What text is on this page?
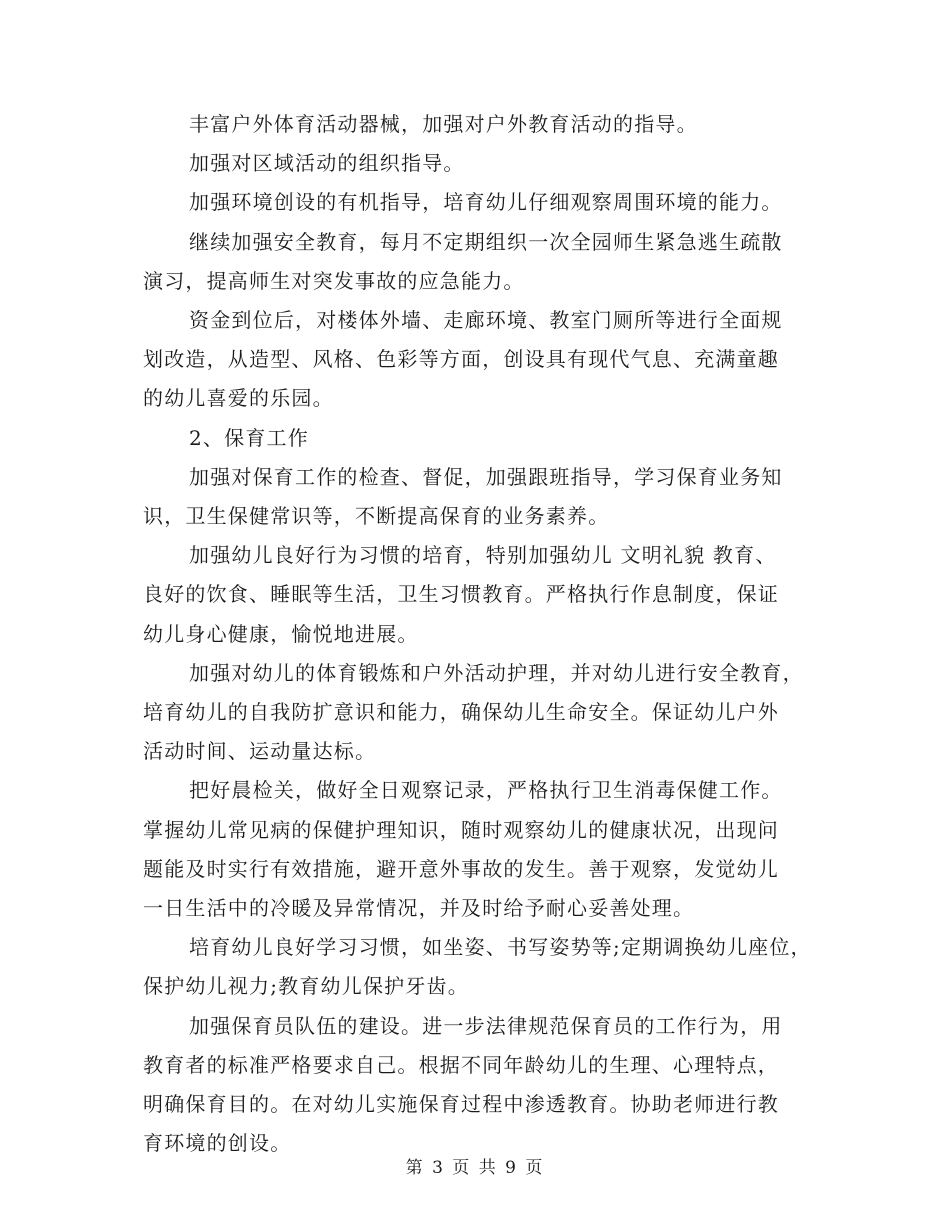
丰富户外体育活动器械，加强对户外教育活动的指导。
加强对区域活动的组织指导。
加强环境创设的有机指导，培育幼儿仔细观察周围环境的能力。
继续加强安全教育，每月不定期组织一次全园师生紧急逃生疏散
演习，提高师生对突发事故的应急能力。
资金到位后，对楼体外墙、走廊环境、教室门厕所等进行全面规
划改造，从造型、风格、色彩等方面，创设具有现代气息、充满童趣
的幼儿喜爱的乐园。
2、保育工作
加强对保育工作的检查、督促，加强跟班指导，学习保育业务知
识，卫生保健常识等，不断提高保育的业务素养。
加强幼儿良好行为习惯的培育，特别加强幼儿 文明礼貌 教育、
良好的饮食、睡眠等生活，卫生习惯教育。严格执行作息制度，保证
幼儿身心健康，愉悦地进展。
加强对幼儿的体育锻炼和户外活动护理，并对幼儿进行安全教育，
培育幼儿的自我防扩意识和能力，确保幼儿生命安全。保证幼儿户外
活动时间、运动量达标。
把好晨检关，做好全日观察记录，严格执行卫生消毒保健工作。
掌握幼儿常见病的保健护理知识，随时观察幼儿的健康状况，出现问
题能及时实行有效措施，避开意外事故的发生。善于观察，发觉幼儿
一日生活中的冷暖及异常情况，并及时给予耐心妥善处理。
培育幼儿良好学习习惯，如坐姿、书写姿势等;定期调换幼儿座位，
保护幼儿视力;教育幼儿保护牙齿。
加强保育员队伍的建设。进一步法律规范保育员的工作行为，用
教育者的标准严格要求自己。根据不同年龄幼儿的生理、心理特点，
明确保育目的。在对幼儿实施保育过程中渗透教育。协助老师进行教
育环境的创设。
第 3 页 共 9 页
